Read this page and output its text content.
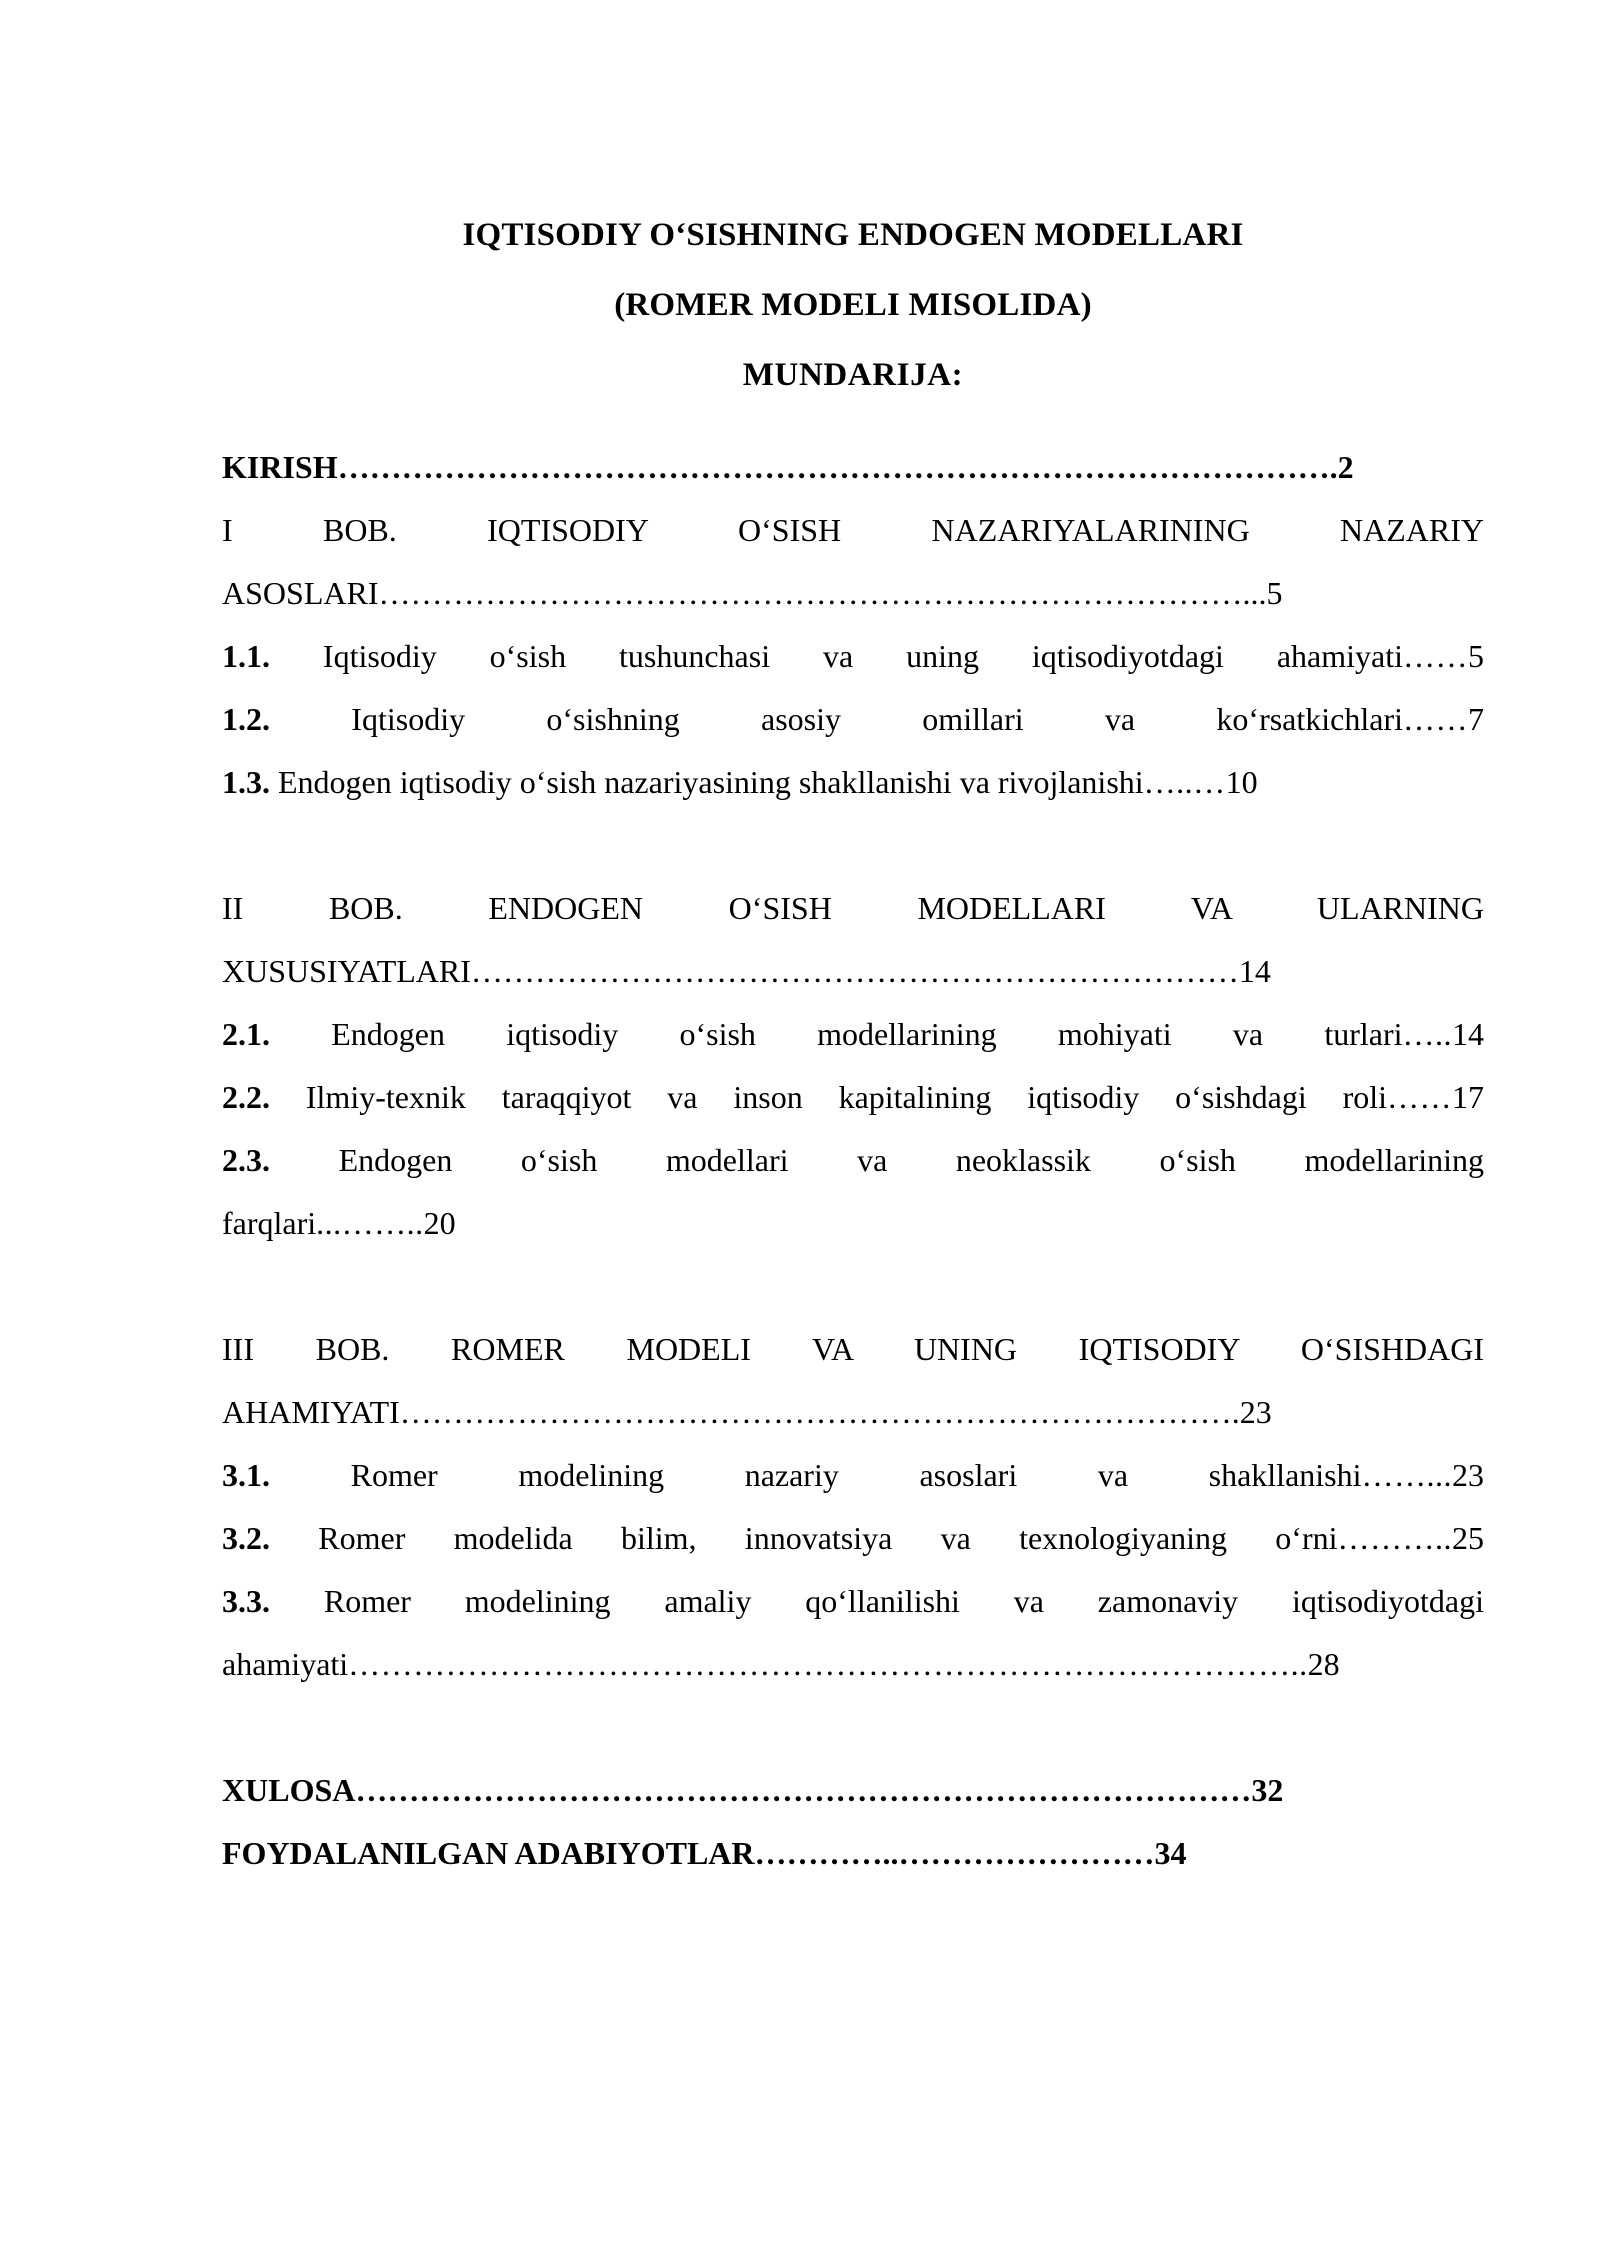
IQTISODIY O‘SISHNING ENDOGEN MODELLARI
(ROMER MODELI MISOLIDA)
MUNDARIJA:
KIRISH………………………………………………………………………………….2
I BOB. IQTISODIY O‘SISH NAZARIYALARINING NAZARIY
ASOSLARI………………………………………………………………………...5
1.1. Iqtisodiy o‘sish tushunchasi va uning iqtisodiyotdagi ahamiyati……5
1.2.	Iqtisodiy o‘sishning asosiy omillari va ko‘rsatkichlari……7
1.3. Endogen iqtisodiy o‘sish nazariyasining shakllanishi va rivojlanishi…..…10
II BOB. ENDOGEN O‘SISH MODELLARI VA ULARNING
XUSUSIYATLARI………………………………………………………………14
2.1. Endogen iqtisodiy o‘sish modellarining mohiyati va turlari…..14
2.2. Ilmiy-texnik taraqqiyot va inson kapitalining iqtisodiy o‘sishdagi roli……17
2.3. Endogen o‘sish modellari va neoklassik o‘sish modellarining
farqlari...……..20
III BOB. ROMER MODELI VA UNING IQTISODIY O‘SISHDAGI
AHAMIYATI…………………………………………………………………….23
3.1.	Romer modelining nazariy asoslari va shakllanishi……...23
3.2. Romer modelida bilim, innovatsiya va texnologiyaning o‘rni………..25
3.3. Romer modelining amaliy qo‘llanilishi va zamonaviy iqtisodiyotdagi
ahamiyati……………………………………………………………………………..28
XULOSA…………………………………………………………………………32
FOYDALANILGAN ADABIYOTLAR…………..……………………34
